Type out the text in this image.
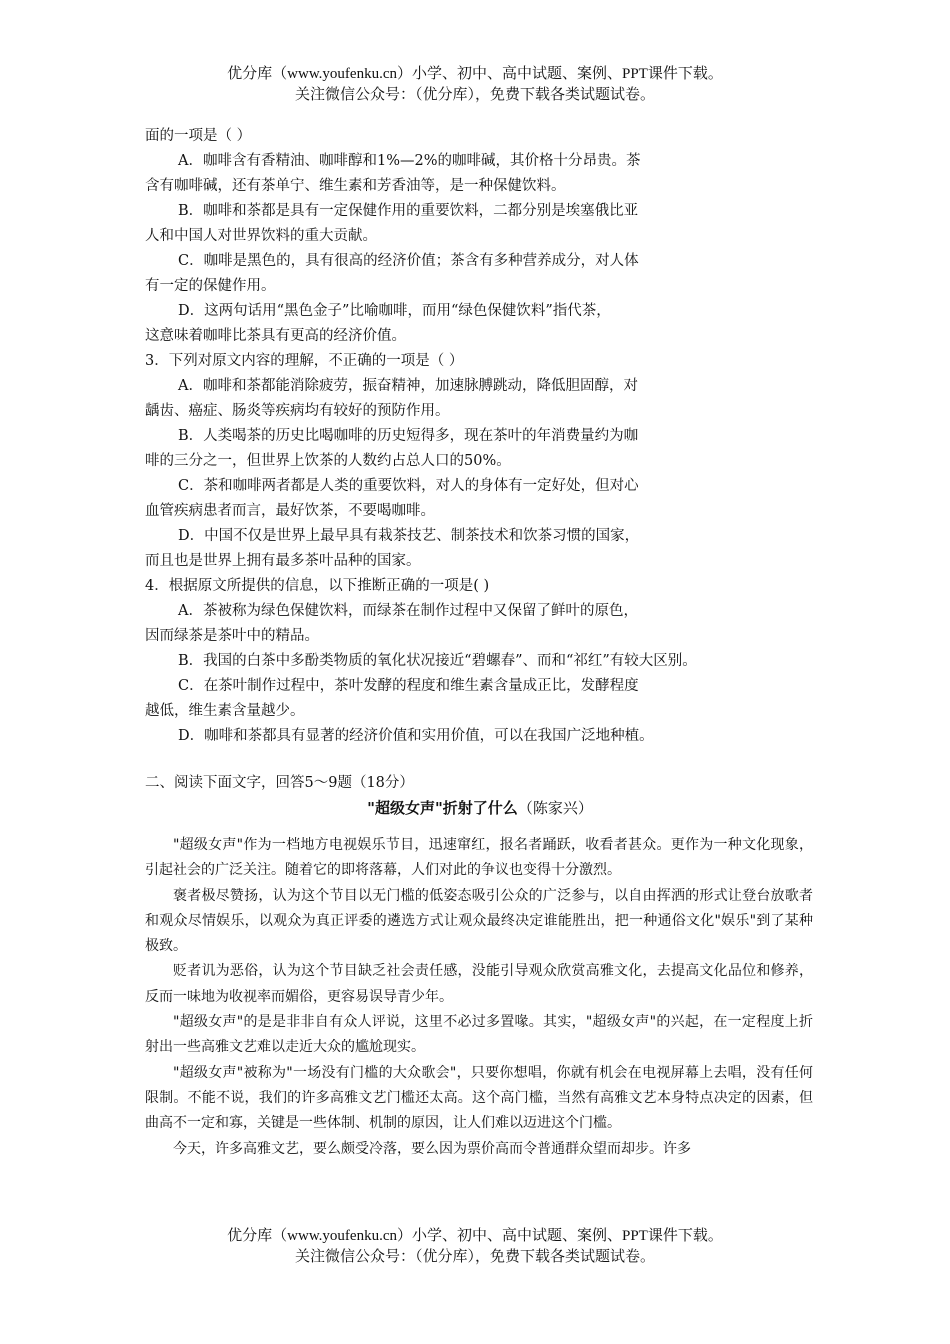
优分库（www.youfenku.cn）小学、初中、高中试题、案例、PPT课件下载。
关注微信公众号：（优分库），免费下载各类试题试卷。
面的一项是（ ）
A．咖啡含有香精油、咖啡醇和1%—2%的咖啡碱，其价格十分昂贵。茶
含有咖啡碱，还有茶单宁、维生素和芳香油等，是一种保健饮料。
B．咖啡和茶都是具有一定保健作用的重要饮料，二都分别是埃塞俄比亚
人和中国人对世界饮料的重大贡献。
C．咖啡是黑色的，具有很高的经济价值；茶含有多种营养成分，对人体
有一定的保健作用。
D．这两句话用“黑色金子”比喻咖啡，而用“绿色保健饮料”指代茶，
这意味着咖啡比茶具有更高的经济价值。
3．下列对原文内容的理解，不正确的一项是（ ）
A．咖啡和茶都能消除疲劳，振奋精神，加速脉膊跳动，降低胆固醇，对
龋齿、癌症、肠炎等疾病均有较好的预防作用。
B．人类喝茶的历史比喝咖啡的历史短得多，现在茶叶的年消费量约为咖
啡的三分之一，但世界上饮茶的人数约占总人口的50%。
C．茶和咖啡两者都是人类的重要饮料，对人的身体有一定好处，但对心
血管疾病患者而言，最好饮茶，不要喝咖啡。
D．中国不仅是世界上最早具有栽茶技艺、制茶技术和饮茶习惯的国家，
而且也是世界上拥有最多茶叶品种的国家。
4．根据原文所提供的信息，以下推断正确的一项是( )
A．茶被称为绿色保健饮料，而绿茶在制作过程中又保留了鲜叶的原色，
因而绿茶是茶叶中的精品。
B．我国的白茶中多酚类物质的氧化状况接近“碧螺春”、而和“祁红”有较大区别。
C．在茶叶制作过程中，茶叶发酵的程度和维生素含量成正比，发酵程度
越低，维生素含量越少。
D．咖啡和茶都具有显著的经济价值和实用价值，可以在我国广泛地种植。
二、阅读下面文字，回答5～9题（18分）
"超级女声"折射了什么（陈家兴）

"超级女声"作为一档地方电视娱乐节目，迅速窜红，报名者踊跃，收看者甚众。更作为一种文化现象，引起社会的广泛关注。随着它的即将落幕，人们对此的争议也变得十分激烈。

褒者极尽赞扬，认为这个节目以无门槛的低姿态吸引公众的广泛参与，以自由挥洒的形式让登台放歌者和观众尽情娱乐，以观众为真正评委的遴选方式让观众最终决定谁能胜出，把一种通俗文化"娱乐"到了某种极致。

贬者讥为恶俗，认为这个节目缺乏社会责任感，没能引导观众欣赏高雅文化，去提高文化品位和修养，反而一味地为收视率而媚俗，更容易误导青少年。

"超级女声"的是是非非自有众人评说，这里不必过多置喙。其实，"超级女声"的兴起，在一定程度上折射出一些高雅文艺难以走近大众的尴尬现实。

"超级女声"被称为"一场没有门槛的大众歌会"，只要你想唱，你就有机会在电视屏幕上去唱，没有任何限制。不能不说，我们的许多高雅文艺门槛还太高。这个高门槛，当然有高雅文艺本身特点决定的因素，但曲高不一定和寡，关键是一些体制、机制的原因，让人们难以迈进这个门槛。

今天，许多高雅文艺，要么颇受冷落，要么因为票价高而令普通群众望而却步。许多

优分库（www.youfenku.cn）小学、初中、高中试题、案例、PPT课件下载。
关注微信公众号：（优分库），免费下载各类试题试卷。
